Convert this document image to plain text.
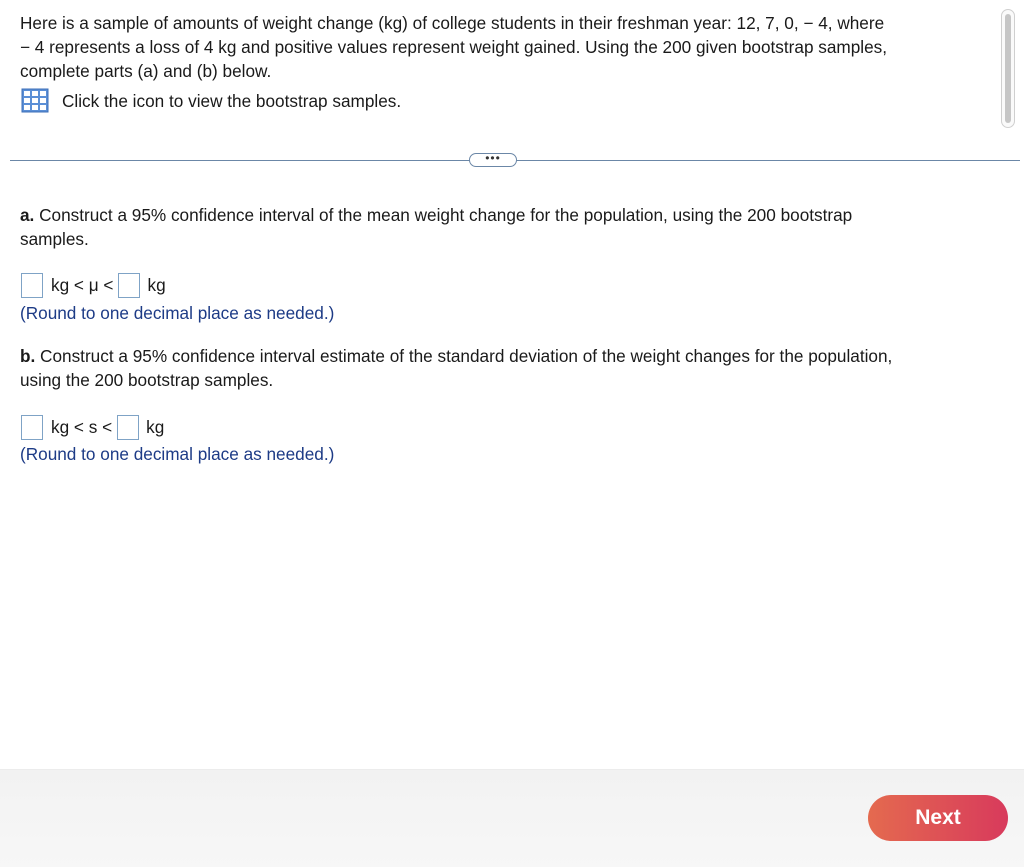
Here is a sample of amounts of weight change (kg) of college students in their freshman year: 12, 7, 0, − 4, where
− 4 represents a loss of 4 kg and positive values represent weight gained. Using the 200 given bootstrap samples,
complete parts (a) and (b) below.
Click the icon to view the bootstrap samples.
•••
a. Construct a 95% confidence interval of the mean weight change for the population, using the 200 bootstrap
samples.
kg < μ < kg
(Round to one decimal place as needed.)
b. Construct a 95% confidence interval estimate of the standard deviation of the weight changes for the population,
using the 200 bootstrap samples.
kg < s < kg
(Round to one decimal place as needed.)
Next
